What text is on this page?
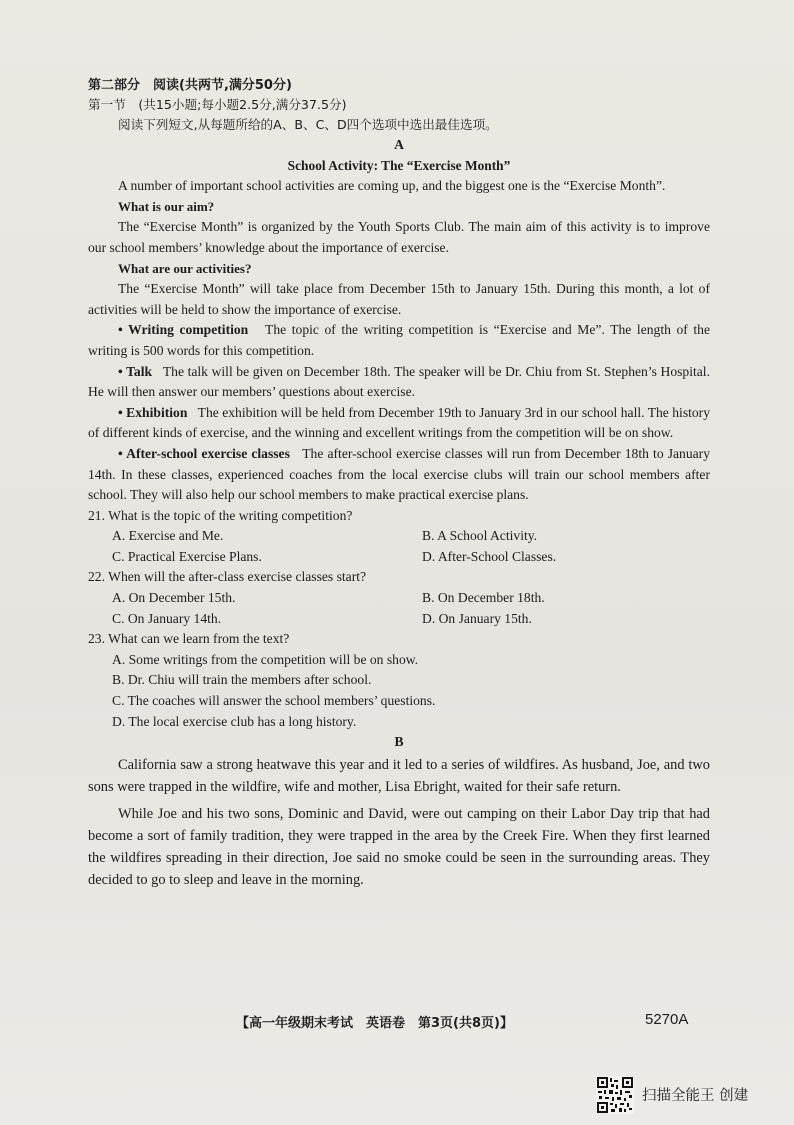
第二部分　阅读(共两节,满分50分)

第一节　(共15小题;每小题2.5分,满分37.5分)

阅读下列短文,从每题所给的A、B、C、D四个选项中选出最佳选项。

A

School Activity: The “Exercise Month”

A number of important school activities are coming up, and the biggest one is the “Exercise Month”.

What is our aim?

The “Exercise Month” is organized by the Youth Sports Club. The main aim of this activity is to improve our school members’ knowledge about the importance of exercise.

What are our activities?

The “Exercise Month” will take place from December 15th to January 15th. During this month, a lot of activities will be held to show the importance of exercise.

• Writing competition The topic of the writing competition is “Exercise and Me”. The length of the writing is 500 words for this competition.

• Talk The talk will be given on December 18th. The speaker will be Dr. Chiu from St. Stephen’s Hospital. He will then answer our members’ questions about exercise.

• Exhibition The exhibition will be held from December 19th to January 3rd in our school hall. The history of different kinds of exercise, and the winning and excellent writings from the competition will be on show.

• After-school exercise classes The after-school exercise classes will run from December 18th to January 14th. In these classes, experienced coaches from the local exercise clubs will train our school members after school. They will also help our school members to make practical exercise plans.

21. What is the topic of the writing competition?

A. Exercise and Me.	B. A School Activity.
C. Practical Exercise Plans.	D. After-School Classes.

22. When will the after-class exercise classes start?

A. On December 15th.	B. On December 18th.
C. On January 14th.	D. On January 15th.

23. What can we learn from the text?

A. Some writings from the competition will be on show.

B. Dr. Chiu will train the members after school.

C. The coaches will answer the school members’ questions.

D. The local exercise club has a long history.

B

California saw a strong heatwave this year and it led to a series of wildfires. As husband, Joe, and two sons were trapped in the wildfire, wife and mother, Lisa Ebright, waited for their safe return.

While Joe and his two sons, Dominic and David, were out camping on their Labor Day trip that had become a sort of family tradition, they were trapped in the area by the Creek Fire. When they first learned the wildfires spreading in their direction, Joe said no smoke could be seen in the surrounding areas. They decided to go to sleep and leave in the morning.

【高一年级期末考试　英语卷　第3页(共8页)】	5270A
扫描全能王 创建
